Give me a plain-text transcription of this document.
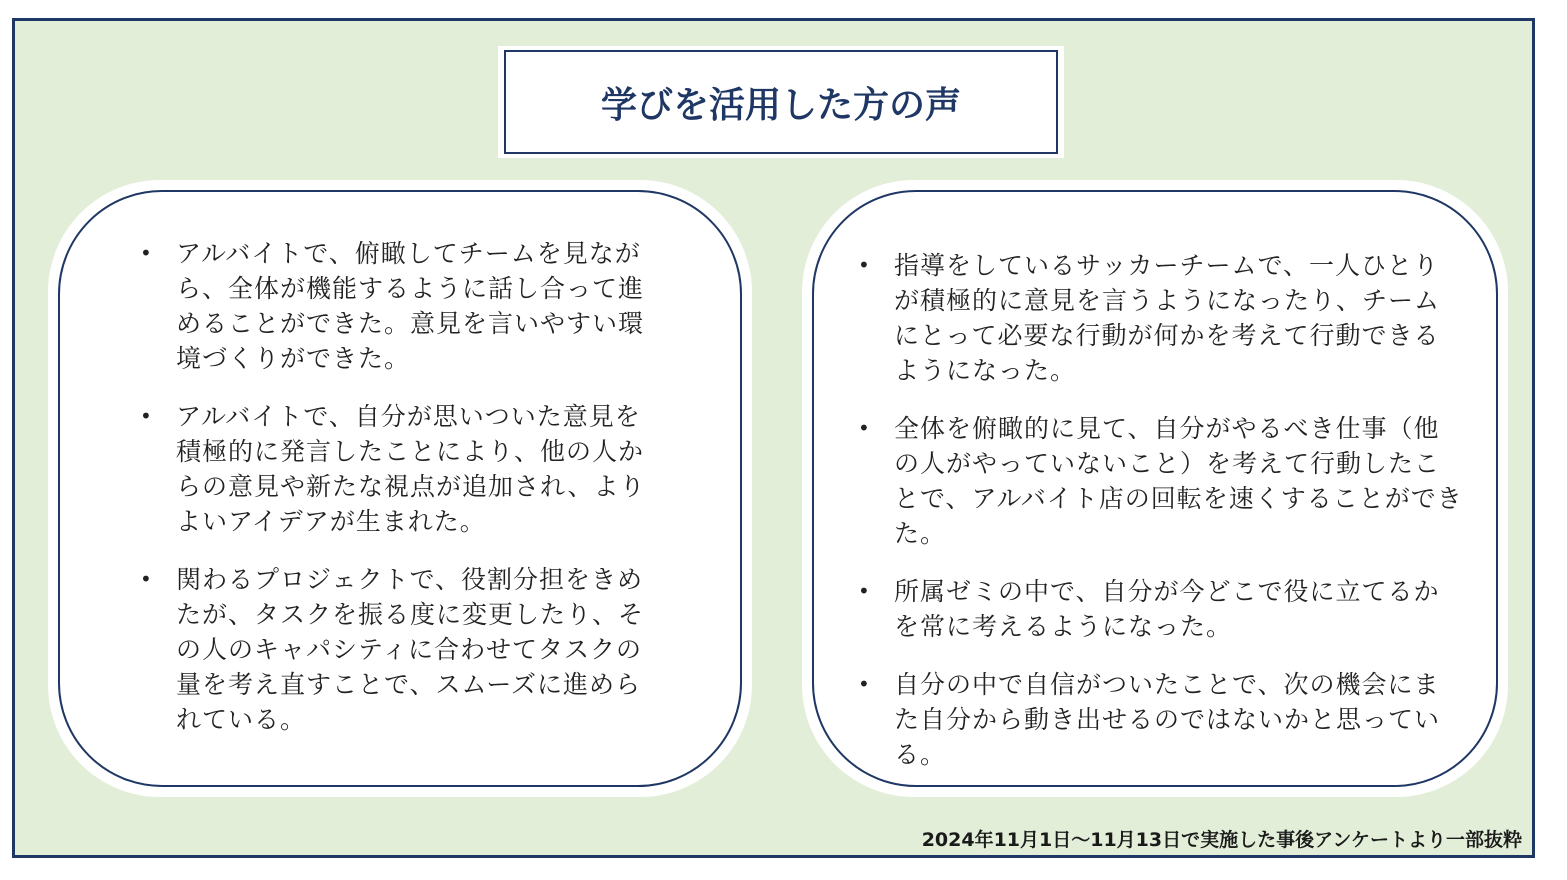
学びを活用した方の声
• アルバイトで、俯瞰してチームを見ながら、全体が機能するように話し合って進めることができた。意見を言いやすい環境づくりができた。
• アルバイトで、自分が思いついた意見を積極的に発言したことにより、他の人からの意見や新たな視点が追加され、よりよいアイデアが生まれた。
• 関わるプロジェクトで、役割分担をきめたが、タスクを振る度に変更したり、その人のキャパシティに合わせてタスクの量を考え直すことで、スムーズに進められている。
• 指導をしているサッカーチームで、一人ひとりが積極的に意見を言うようになったり、チームにとって必要な行動が何かを考えて行動できるようになった。
• 全体を俯瞰的に見て、自分がやるべき仕事（他の人がやっていないこと）を考えて行動したことで、アルバイト店の回転を速くすることができた。
• 所属ゼミの中で、自分が今どこで役に立てるかを常に考えるようになった。
• 自分の中で自信がついたことで、次の機会にまた自分から動き出せるのではないかと思っている。
2024年11月1日～11月13日で実施した事後アンケートより一部抜粋
